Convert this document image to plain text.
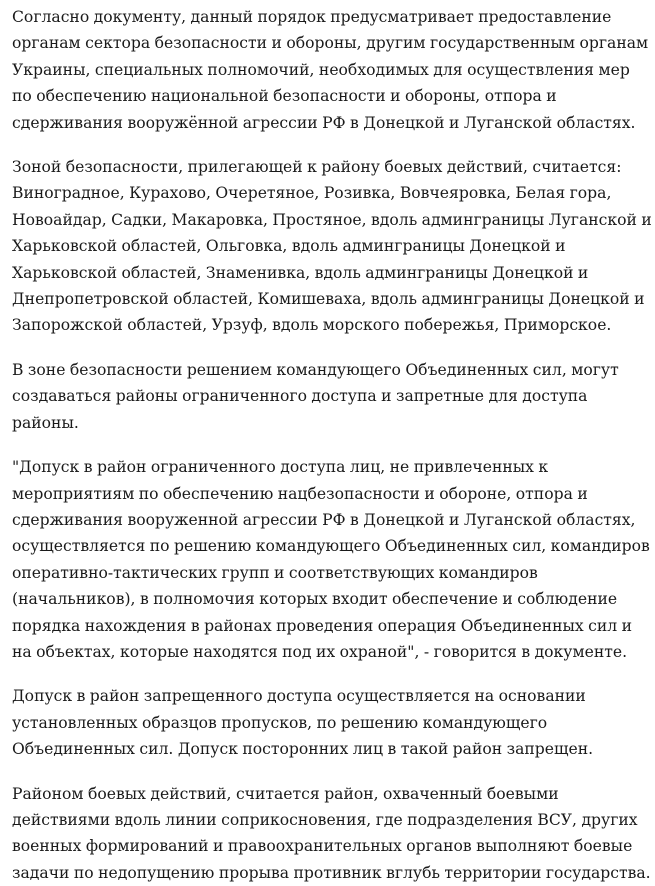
Согласно документу, данный порядок предусматривает предоставление органам сектора безопасности и обороны, другим государственным органам Украины, специальных полномочий, необходимых для осуществления мер по обеспечению национальной безопасности и обороны, отпора и сдерживания вооружённой агрессии РФ в Донецкой и Луганской областях.

Зоной безопасности, прилегающей к району боевых действий, считается: Виноградное, Курахово, Очеретяное, Розивка, Вовчеяровка, Белая гора, Новоайдар, Садки, Макаровка, Простяное, вдоль админграницы Луганской и Харьковской областей, Ольговка, вдоль админграницы Донецкой и Харьковской областей, Знаменивка, вдоль админграницы Донецкой и Днепропетровской областей, Комишеваха, вдоль админграницы Донецкой и Запорожской областей, Урзуф, вдоль морского побережья, Приморское.

В зоне безопасности решением командующего Объединенных сил, могут создаваться районы ограниченного доступа и запретные для доступа районы.

"Допуск в район ограниченного доступа лиц, не привлеченных к мероприятиям по обеспечению нацбезопасности и обороне, отпора и сдерживания вооруженной агрессии РФ в Донецкой и Луганской областях, осуществляется по решению командующего Объединенных сил, командиров оперативно-тактических групп и соответствующих командиров (начальников), в полномочия которых входит обеспечение и соблюдение порядка нахождения в районах проведения операция Объединенных сил и на объектах, которые находятся под их охраной", - говорится в документе.

Допуск в район запрещенного доступа осуществляется на основании установленных образцов пропусков, по решению командующего Объединенных сил. Допуск посторонних лиц в такой район запрещен.

Районом боевых действий, считается район, охваченный боевыми действиями вдоль линии соприкосновения, где подразделения ВСУ, других военных формирований и правоохранительных органов выполняют боевые задачи по недопущению прорыва противник вглубь территории государства.
